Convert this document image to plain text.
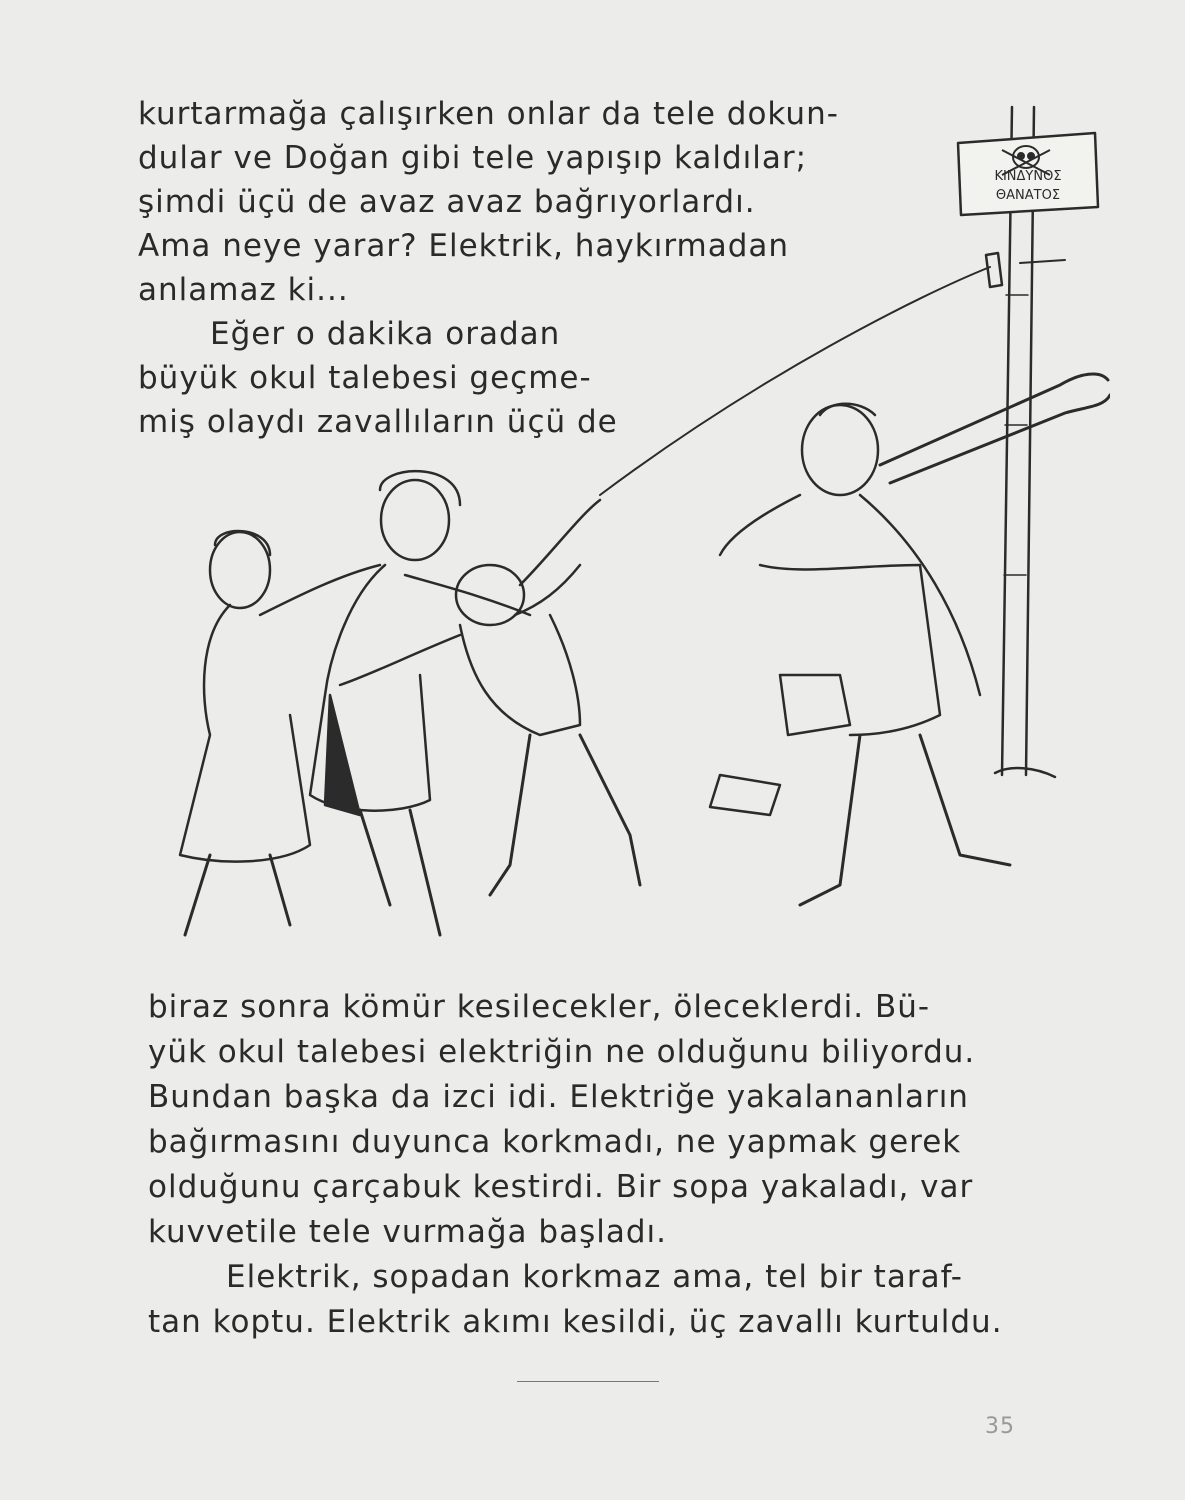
kurtarmağa çalışırken onlar da tele dokun-
dular ve Doğan gibi tele yapışıp kaldılar;
şimdi üçü de avaz avaz bağrıyorlardı.
Ama neye yarar? Elektrik, haykırmadan
anlamaz ki...
Eğer o dakika oradan
büyük okul talebesi geçme-
miş olaydı zavallıların üçü de
ΚΙΝΔΥΝΟΣ
ΘΑΝΑΤΟΣ
biraz sonra kömür kesilecekler, öleceklerdi. Bü-
yük okul talebesi elektriğin ne olduğunu biliyordu.
Bundan başka da izci idi. Elektriğe yakalananların
bağırmasını duyunca korkmadı, ne yapmak gerek
olduğunu çarçabuk kestirdi. Bir sopa yakaladı, var
kuvvetile tele vurmağa başladı.
Elektrik, sopadan korkmaz ama, tel bir taraf-
tan koptu. Elektrik akımı kesildi, üç zavallı kurtuldu.
35
